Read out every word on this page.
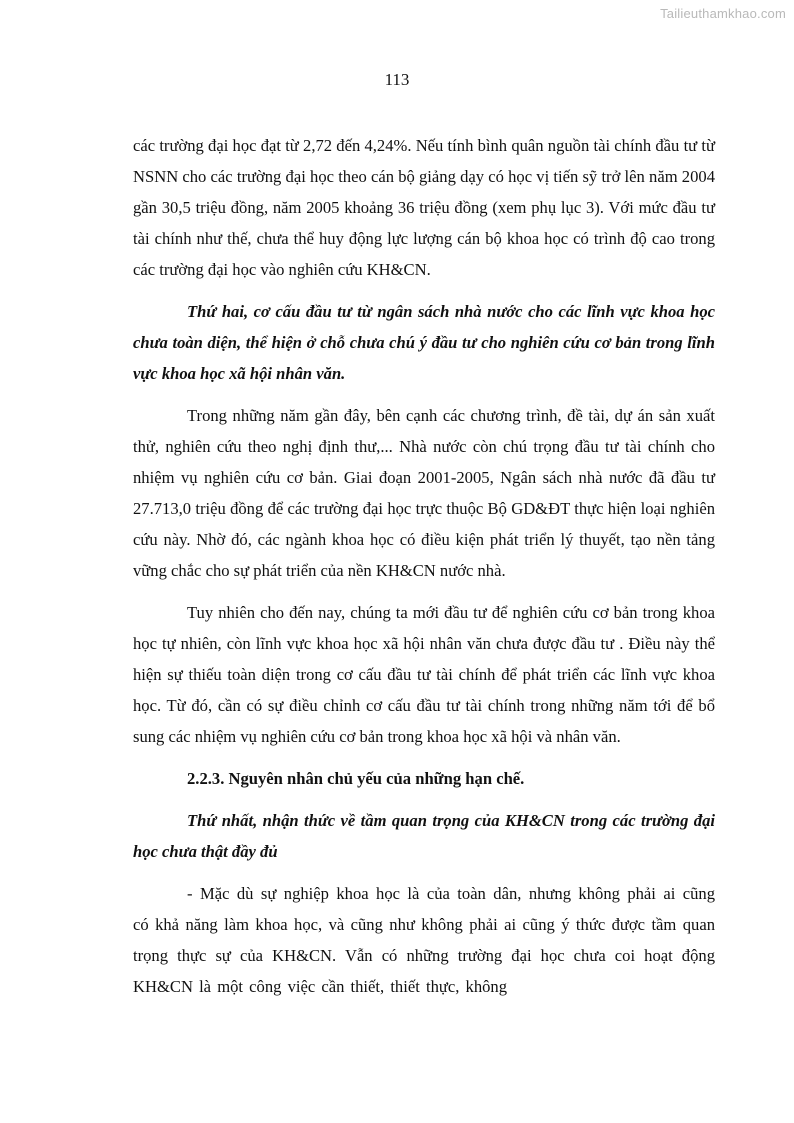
Tailieuthamkhao.com
113

các trường đại học đạt từ 2,72 đến 4,24%. Nếu tính bình quân nguồn tài chính đầu tư từ NSNN cho các trường đại học theo cán bộ giảng dạy có học vị tiến sỹ trở lên năm 2004 gần 30,5 triệu đồng, năm 2005 khoảng 36 triệu đồng (xem phụ lục 3). Với mức đầu tư tài chính như thế, chưa thể huy động lực lượng cán bộ khoa học có trình độ cao trong các trường đại học vào nghiên cứu KH&CN.

Thứ hai, cơ cấu đầu tư từ ngân sách nhà nước cho các lĩnh vực khoa học chưa toàn diện, thể hiện ở chỗ chưa chú ý đầu tư cho nghiên cứu cơ bản trong lĩnh vực khoa học xã hội nhân văn.

Trong những năm gần đây, bên cạnh các chương trình, đề tài, dự án sản xuất thử, nghiên cứu theo nghị định thư,... Nhà nước còn chú trọng đầu tư tài chính cho nhiệm vụ nghiên cứu cơ bản. Giai đoạn 2001-2005, Ngân sách nhà nước đã đầu tư 27.713,0 triệu đồng để các trường đại học trực thuộc Bộ GD&ĐT thực hiện loại nghiên cứu này. Nhờ đó, các ngành khoa học có điều kiện phát triển lý thuyết, tạo nền tảng vững chắc cho sự phát triển của nền KH&CN nước nhà.

Tuy nhiên cho đến nay, chúng ta mới đầu tư để nghiên cứu cơ bản trong khoa học tự nhiên, còn lĩnh vực khoa học xã hội nhân văn chưa được đầu tư . Điều này thể hiện sự thiếu toàn diện trong cơ cấu đầu tư tài chính để phát triển các lĩnh vực khoa học. Từ đó, cần có sự điều chỉnh cơ cấu đầu tư tài chính trong những năm tới để bổ sung các nhiệm vụ nghiên cứu cơ bản trong khoa học xã hội và nhân văn.

2.2.3. Nguyên nhân chủ yếu của những hạn chế.

Thứ nhất, nhận thức về tầm quan trọng của KH&CN trong các trường đại học chưa thật đầy đủ

- Mặc dù sự nghiệp khoa học là của toàn dân, nhưng không phải ai cũng có khả năng làm khoa học, và cũng như không phải ai cũng ý thức được tầm quan trọng thực sự của KH&CN. Vẫn có những trường đại học chưa coi hoạt động KH&CN là một công việc cần thiết, thiết thực, không
